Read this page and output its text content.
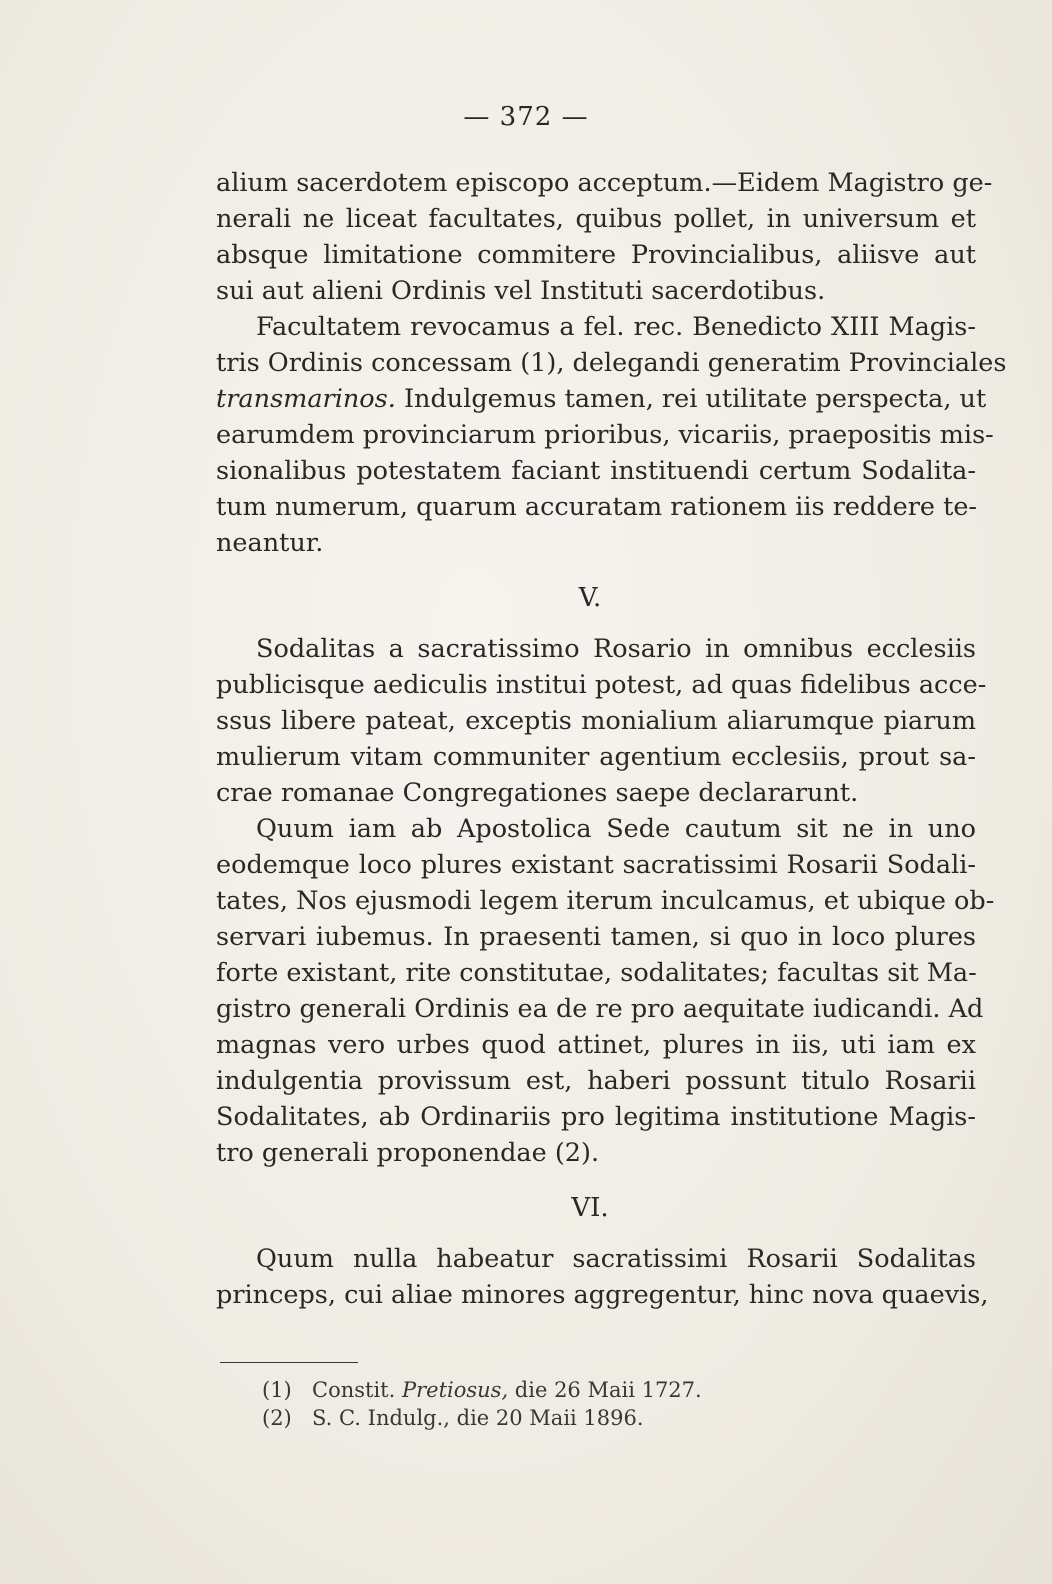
— 372 —
alium sacerdotem episcopo acceptum.—Eidem Magistro ge-
nerali ne liceat facultates, quibus pollet, in universum et
absque limitatione commitere Provincialibus, aliisve aut
sui aut alieni Ordinis vel Instituti sacerdotibus.
Facultatem revocamus a fel. rec. Benedicto XIII Magis-
tris Ordinis concessam (1), delegandi generatim Provinciales
transmarinos. Indulgemus tamen, rei utilitate perspecta, ut
earumdem provinciarum prioribus, vicariis, praepositis mis-
sionalibus potestatem faciant instituendi certum Sodalita-
tum numerum, quarum accuratam rationem iis reddere te-
neantur.
V.
Sodalitas a sacratissimo Rosario in omnibus ecclesiis
publicisque aediculis institui potest, ad quas fidelibus acce-
ssus libere pateat, exceptis monialium aliarumque piarum
mulierum vitam communiter agentium ecclesiis, prout sa-
crae romanae Congregationes saepe declararunt.
Quum iam ab Apostolica Sede cautum sit ne in uno
eodemque loco plures existant sacratissimi Rosarii Sodali-
tates, Nos ejusmodi legem iterum inculcamus, et ubique ob-
servari iubemus. In praesenti tamen, si quo in loco plures
forte existant, rite constitutae, sodalitates; facultas sit Ma-
gistro generali Ordinis ea de re pro aequitate iudicandi. Ad
magnas vero urbes quod attinet, plures in iis, uti iam ex
indulgentia provissum est, haberi possunt titulo Rosarii
Sodalitates, ab Ordinariis pro legitima institutione Magis-
tro generali proponendae (2).
VI.
Quum nulla habeatur sacratissimi Rosarii Sodalitas
princeps, cui aliae minores aggregentur, hinc nova quaevis,
(1) Constit. Pretiosus, die 26 Maii 1727.
(2) S. C. Indulg., die 20 Maii 1896.
